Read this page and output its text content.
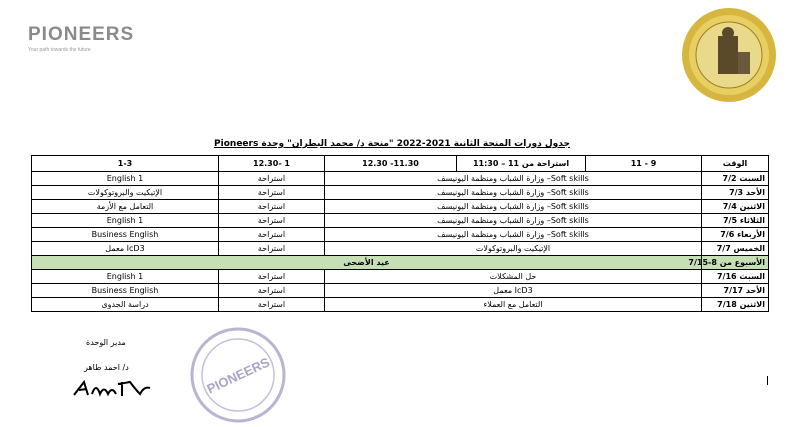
PIONEERS
Your path towards the future
جدول دورات المنحة الثانية 2021-2022 "منحة د/ محمد البطران" وحدة Pioneers
الوقت	9 - 11	استراحة من 11 – 11:30	11.30- 12.30	1 -12.30	1-3
السبت 7/2	Soft skills– وزارة الشباب ومنظمة اليونيسف			استراحة	English 1
الأحد 7/3	Soft skills– وزارة الشباب ومنظمة اليونيسف			استراحة	الإتيكيت والبروتوكولات
الاثنين 7/4	Soft skills– وزارة الشباب ومنظمة اليونيسف			استراحة	التعامل مع الأزمة
الثلاثاء 7/5	Soft skills– وزارة الشباب ومنظمة اليونيسف			استراحة	English 1
الأربعاء 7/6	Soft skills– وزارة الشباب ومنظمة اليونيسف			استراحة	Business English
الخميس 7/7	الإتيكيت والبروتوكولات			استراحة	IcD3 معمل
الأسبوع من 8-7/15	عيد الأضحى				
السبت 7/16	حل المشكلات			استراحة	English 1
الأحد 7/17	IcD3 معمل			استراحة	Business English
الاثنين 7/18	التعامل مع العملاء			استراحة	دراسة الجدوى
مدير الوحدة
د/ احمد طاهر	PIONEERS
